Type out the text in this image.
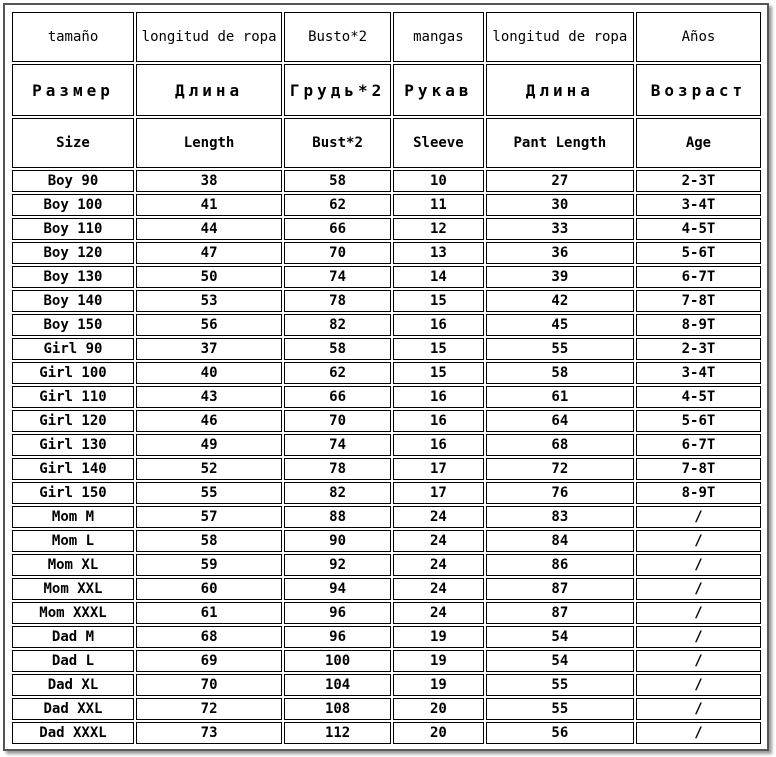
tamaño	longitud de ropa	Busto*2	mangas	longitud de ropa	Años
Размер	Длина	Грудь*2	Рукав	Длина	Возраст
Size	Length	Bust*2	Sleeve	Pant Length	Age
Boy 90	38	58	10	27	2-3T
Boy 100	41	62	11	30	3-4T
Boy 110	44	66	12	33	4-5T
Boy 120	47	70	13	36	5-6T
Boy 130	50	74	14	39	6-7T
Boy 140	53	78	15	42	7-8T
Boy 150	56	82	16	45	8-9T
Girl 90	37	58	15	55	2-3T
Girl 100	40	62	15	58	3-4T
Girl 110	43	66	16	61	4-5T
Girl 120	46	70	16	64	5-6T
Girl 130	49	74	16	68	6-7T
Girl 140	52	78	17	72	7-8T
Girl 150	55	82	17	76	8-9T
Mom M	57	88	24	83	/
Mom L	58	90	24	84	/
Mom XL	59	92	24	86	/
Mom XXL	60	94	24	87	/
Mom XXXL	61	96	24	87	/
Dad M	68	96	19	54	/
Dad L	69	100	19	54	/
Dad XL	70	104	19	55	/
Dad XXL	72	108	20	55	/
Dad XXXL	73	112	20	56	/
